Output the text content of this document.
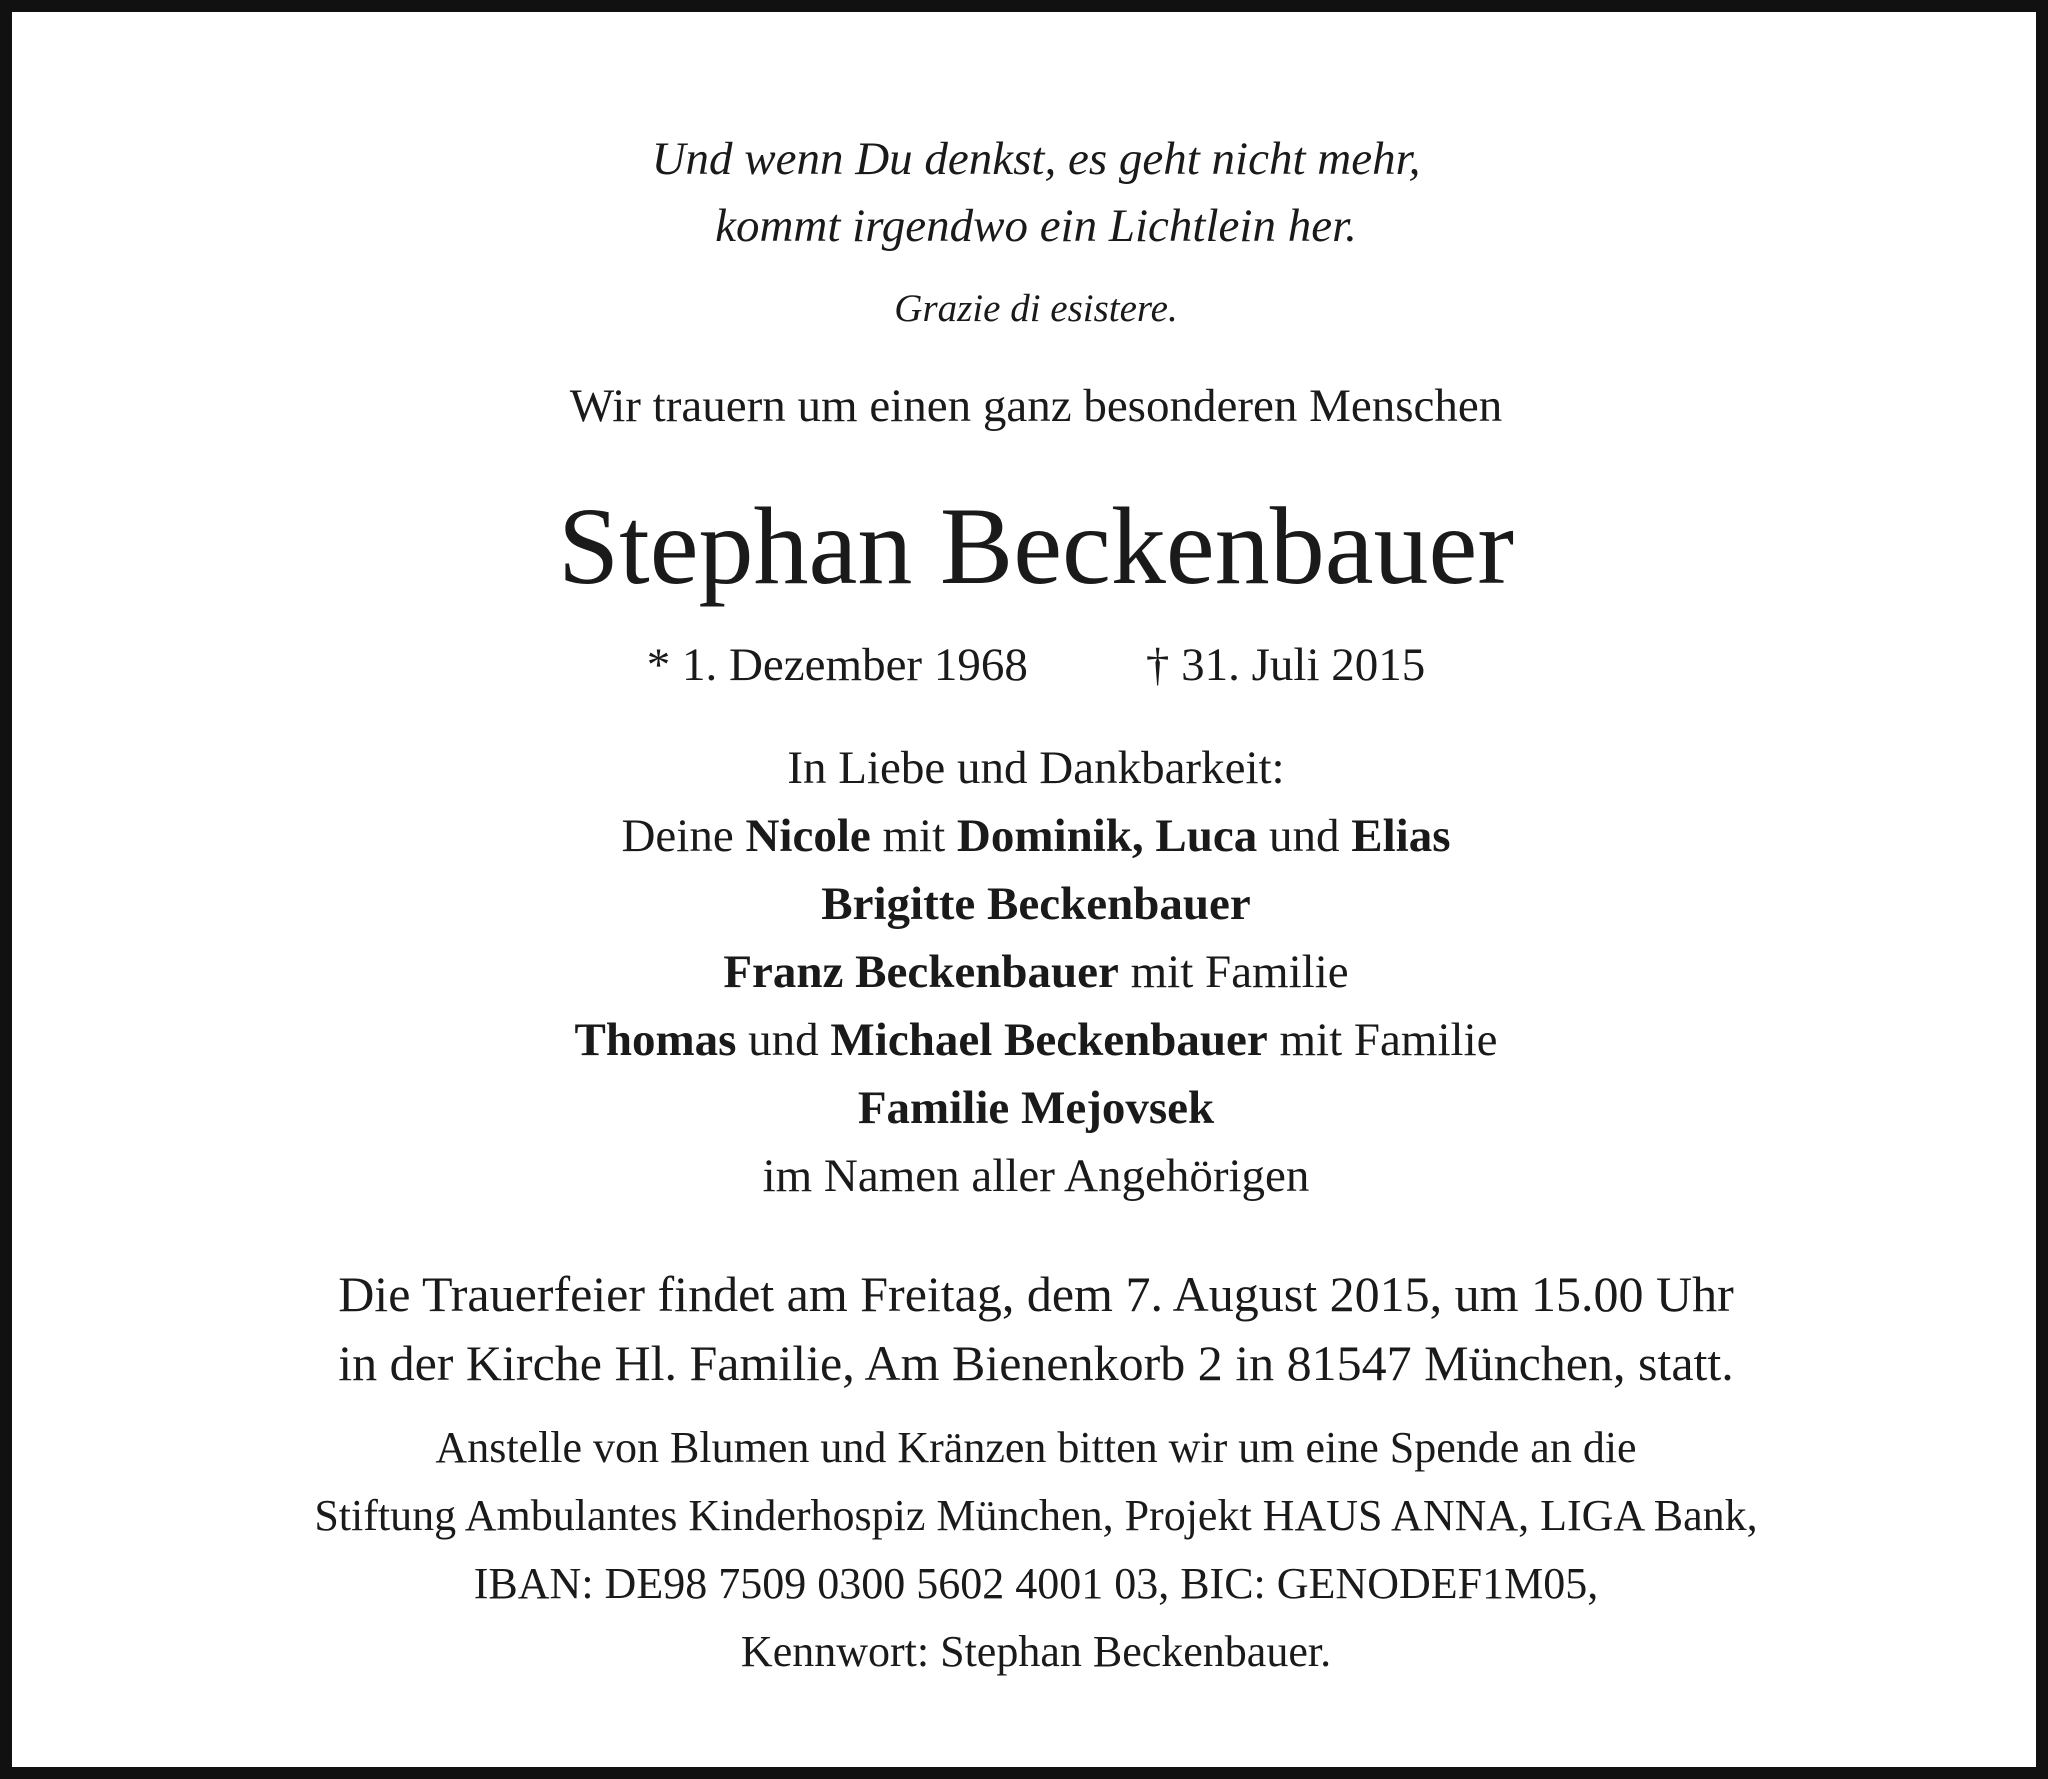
Und wenn Du denkst, es geht nicht mehr,
kommt irgendwo ein Lichtlein her.
Grazie di esistere.
Wir trauern um einen ganz besonderen Menschen
Stephan Beckenbauer
* 1. Dezember 1968	† 31. Juli 2015
In Liebe und Dankbarkeit:
Deine Nicole mit Dominik, Luca und Elias
Brigitte Beckenbauer
Franz Beckenbauer mit Familie
Thomas und Michael Beckenbauer mit Familie
Familie Mejovsek
im Namen aller Angehörigen
Die Trauerfeier findet am Freitag, dem 7. August 2015, um 15.00 Uhr
in der Kirche Hl. Familie, Am Bienenkorb 2 in 81547 München, statt.
Anstelle von Blumen und Kränzen bitten wir um eine Spende an die
Stiftung Ambulantes Kinderhospiz München, Projekt HAUS ANNA, LIGA Bank,
IBAN: DE98 7509 0300 5602 4001 03, BIC: GENODEF1M05,
Kennwort: Stephan Beckenbauer.
